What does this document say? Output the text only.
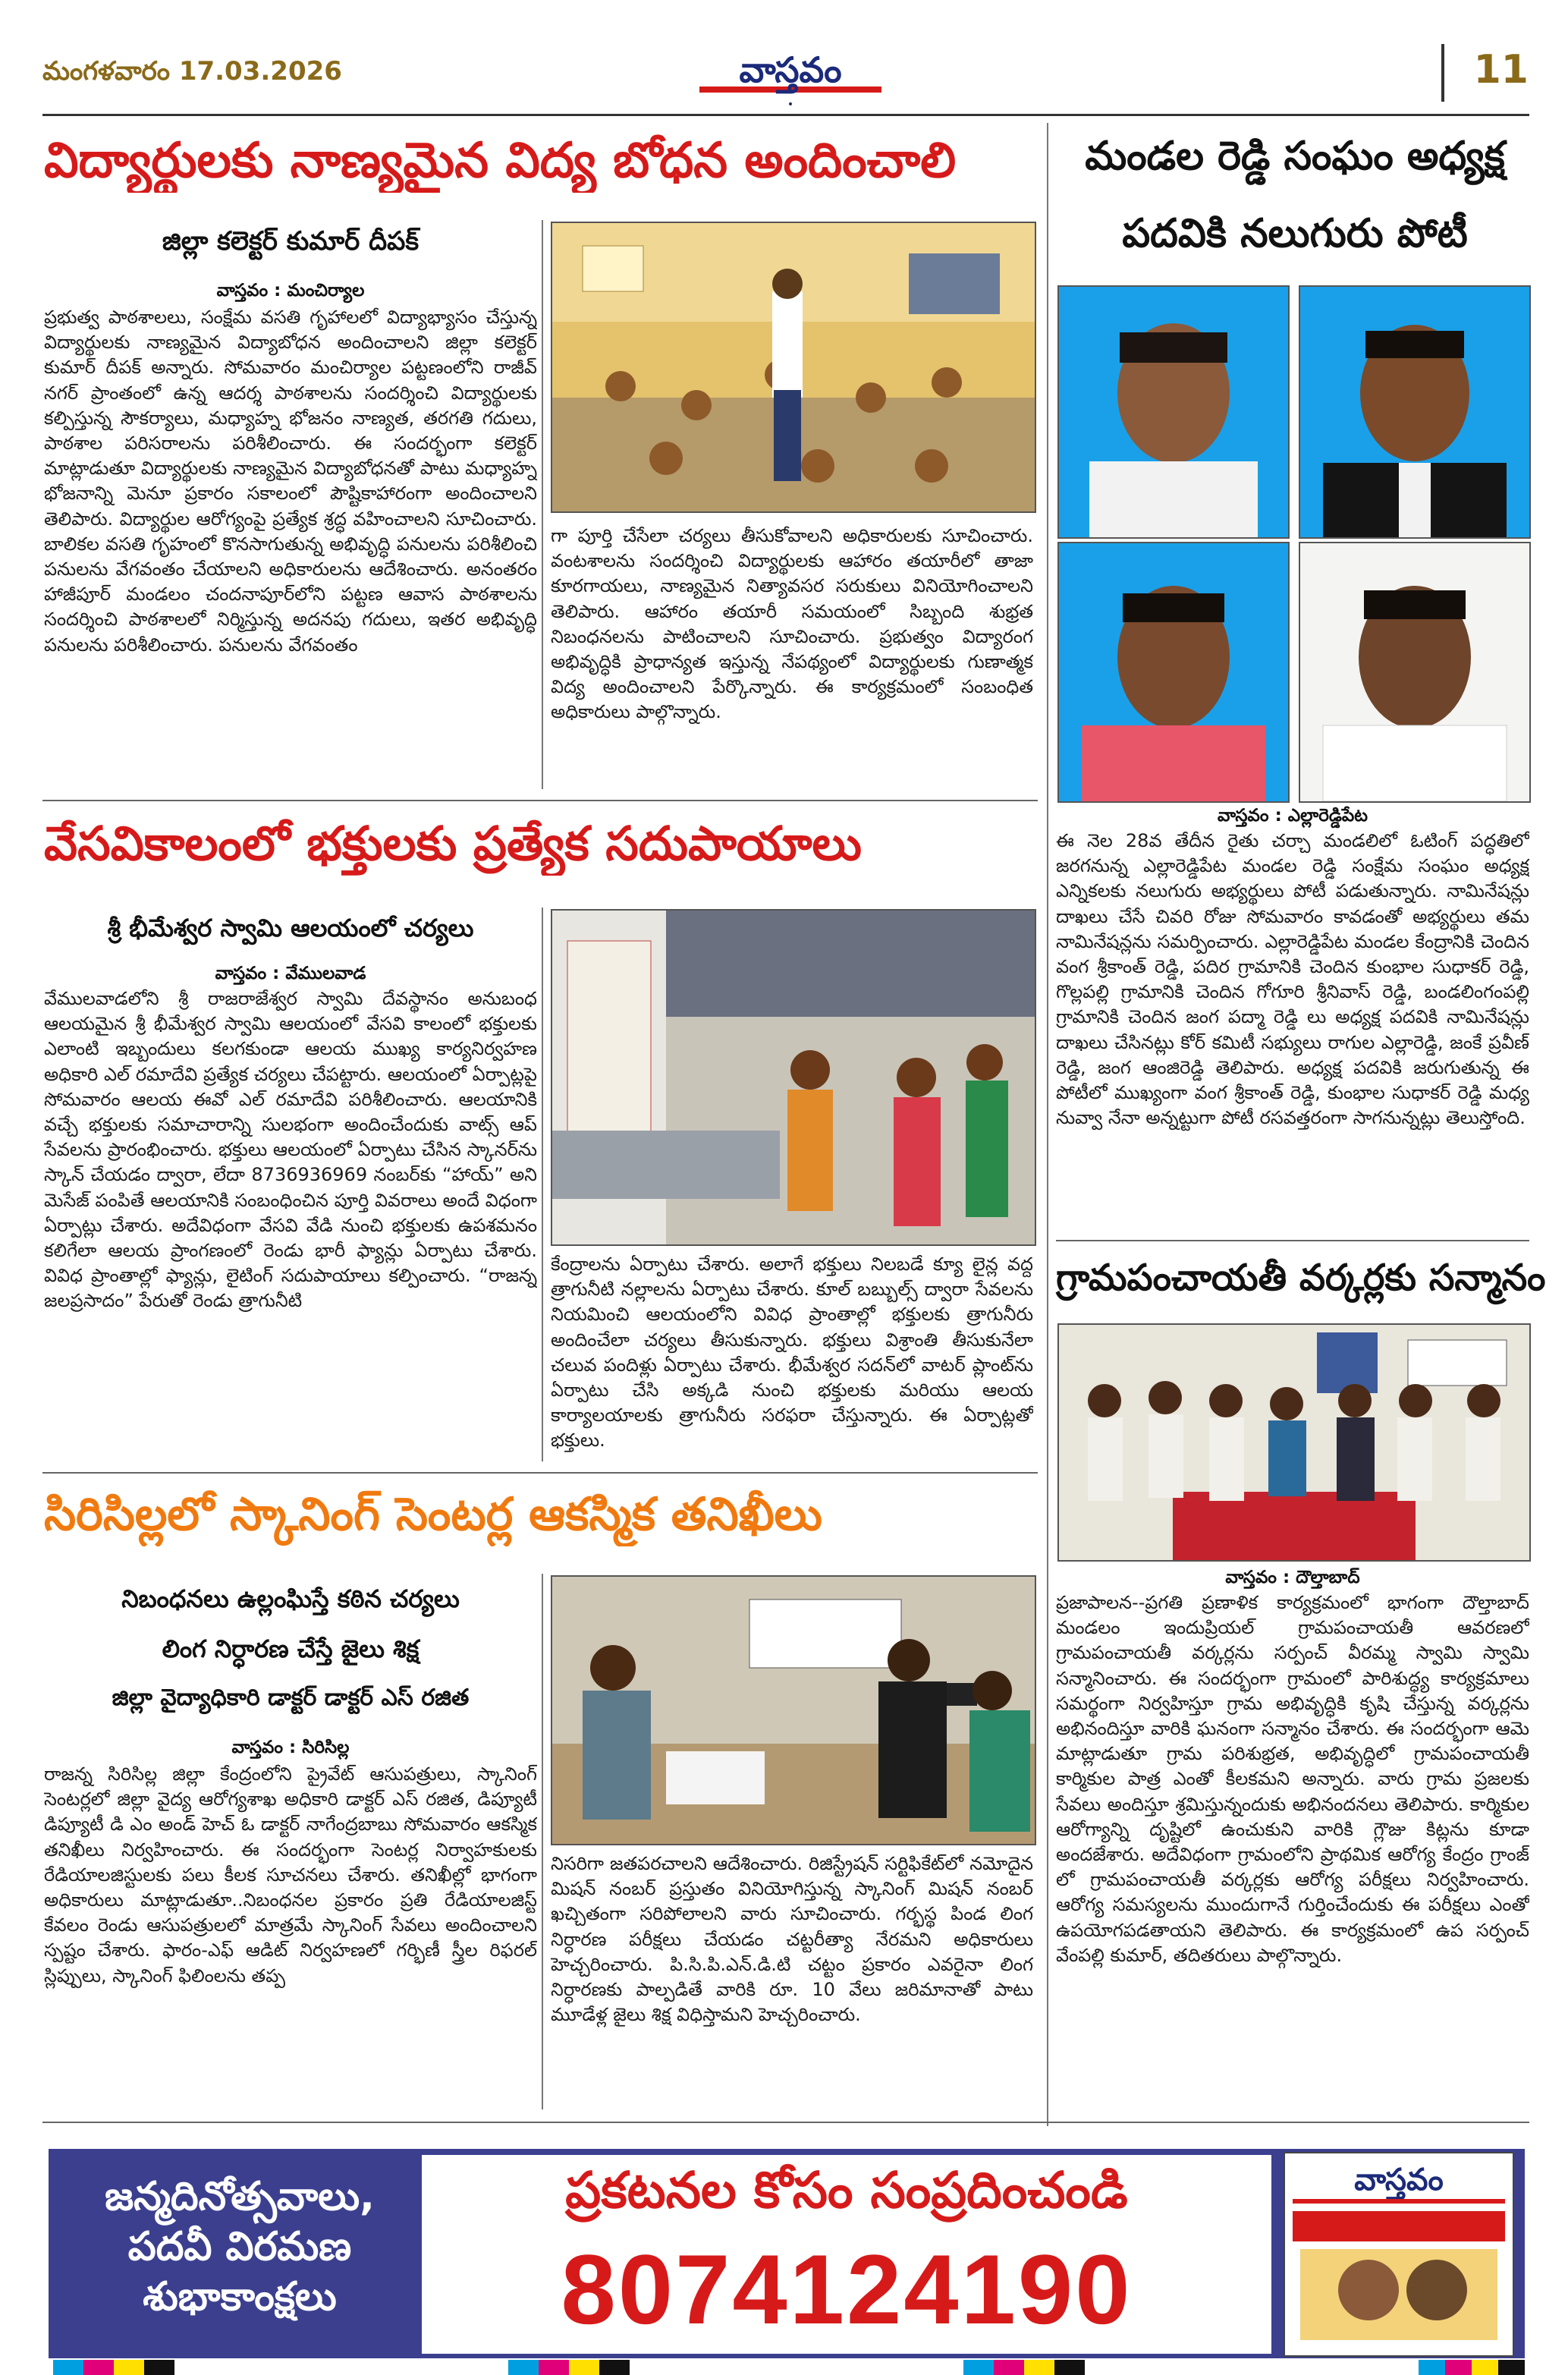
మంగళవారం 17.03.2026	వాస్తవం
•
11
విద్యార్థులకు నాణ్యమైన విద్య బోధన అందించాలి
జిల్లా కలెక్టర్ కుమార్ దీపక్
వాస్తవం : మంచిర్యాల
ప్రభుత్వ పాఠశాలలు, సంక్షేమ వసతి గృహాలలో విద్యాభ్యాసం చేస్తున్న విద్యార్థులకు నాణ్యమైన విద్యాబోధన అందించాలని జిల్లా కలెక్టర్ కుమార్ దీపక్ అన్నారు. సోమవారం మంచిర్యాల పట్టణంలోని రాజీవ్ నగర్ ప్రాంతంలో ఉన్న ఆదర్శ పాఠశాలను సందర్శించి విద్యార్థులకు కల్పిస్తున్న సౌకర్యాలు, మధ్యాహ్న భోజనం నాణ్యత, తరగతి గదులు, పాఠశాల పరిసరాలను పరిశీలించారు. ఈ సందర్భంగా కలెక్టర్ మాట్లాడుతూ విద్యార్థులకు నాణ్యమైన విద్యాబోధనతో పాటు మధ్యాహ్న భోజనాన్ని మెనూ ప్రకారం సకాలంలో పౌష్టికాహారంగా అందించాలని తెలిపారు. విద్యార్థుల ఆరోగ్యంపై ప్రత్యేక శ్రద్ధ వహించాలని సూచించారు. బాలికల వసతి గృహంలో కొనసాగుతున్న అభివృద్ధి పనులను పరిశీలించి పనులను వేగవంతం చేయాలని అధికారులను ఆదేశించారు. అనంతరం హాజీపూర్ మండలం చందనాపూర్‌లోని పట్టణ ఆవాస పాఠశాలను సందర్శించి పాఠశాలలో నిర్మిస్తున్న అదనపు గదులు, ఇతర అభివృద్ధి పనులను పరిశీలించారు. పనులను వేగవంతం
గా పూర్తి చేసేలా చర్యలు తీసుకోవాలని అధికారులకు సూచించారు. వంటశాలను సందర్శించి విద్యార్థులకు ఆహారం తయారీలో తాజా కూరగాయలు, నాణ్యమైన నిత్యావసర సరుకులు వినియోగించాలని తెలిపారు. ఆహారం తయారీ సమయంలో సిబ్బంది శుభ్రత నిబంధనలను పాటించాలని సూచించారు. ప్రభుత్వం విద్యారంగ అభివృద్ధికి ప్రాధాన్యత ఇస్తున్న నేపథ్యంలో విద్యార్థులకు గుణాత్మక విద్య అందించాలని పేర్కొన్నారు. ఈ కార్యక్రమంలో సంబంధిత అధికారులు పాల్గొన్నారు.
వేసవికాలంలో భక్తులకు ప్రత్యేక సదుపాయాలు
శ్రీ భీమేశ్వర స్వామి ఆలయంలో చర్యలు
వాస్తవం : వేములవాడ
వేములవాడలోని శ్రీ రాజరాజేశ్వర స్వామి దేవస్థానం అనుబంధ ఆలయమైన శ్రీ భీమేశ్వర స్వామి ఆలయంలో వేసవి కాలంలో భక్తులకు ఎలాంటి ఇబ్బందులు కలగకుండా ఆలయ ముఖ్య కార్యనిర్వహణ అధికారి ఎల్ రమాదేవి ప్రత్యేక చర్యలు చేపట్టారు. ఆలయంలో ఏర్పాట్లపై సోమవారం ఆలయ ఈవో ఎల్ రమాదేవి పరిశీలించారు. ఆలయానికి వచ్చే భక్తులకు సమాచారాన్ని సులభంగా అందించేందుకు వాట్స్ ఆప్ సేవలను ప్రారంభించారు. భక్తులు ఆలయంలో ఏర్పాటు చేసిన స్కానర్‌ను స్కాన్ చేయడం ద్వారా, లేదా 8736936969 నంబర్‌కు “హాయ్” అని మెసేజ్ పంపితే ఆలయానికి సంబంధించిన పూర్తి వివరాలు అందే విధంగా ఏర్పాట్లు చేశారు. అదేవిధంగా వేసవి వేడి నుంచి భక్తులకు ఉపశమనం కలిగేలా ఆలయ ప్రాంగణంలో రెండు భారీ ఫ్యాన్లు ఏర్పాటు చేశారు. వివిధ ప్రాంతాల్లో ఫ్యాన్లు, లైటింగ్ సదుపాయాలు కల్పించారు. “రాజన్న జలప్రసాదం” పేరుతో రెండు త్రాగునీటి
కేంద్రాలను ఏర్పాటు చేశారు. అలాగే భక్తులు నిలబడే క్యూ లైన్ల వద్ద త్రాగునీటి నల్లాలను ఏర్పాటు చేశారు. కూల్ బబ్బుల్స్ ద్వారా సేవలను నియమించి ఆలయంలోని వివిధ ప్రాంతాల్లో భక్తులకు త్రాగునీరు అందించేలా చర్యలు తీసుకున్నారు. భక్తులు విశ్రాంతి తీసుకునేలా చలువ పందిళ్లు ఏర్పాటు చేశారు. భీమేశ్వర సదన్‌లో వాటర్ ప్లాంట్‌ను ఏర్పాటు చేసి అక్కడి నుంచి భక్తులకు మరియు ఆలయ కార్యాలయాలకు త్రాగునీరు సరఫరా చేస్తున్నారు. ఈ ఏర్పాట్లతో భక్తులు.
సిరిసిల్లలో స్కానింగ్ సెంటర్ల ఆకస్మిక తనిఖీలు
నిబంధనలు ఉల్లంఘిస్తే కఠిన చర్యలు
లింగ నిర్ధారణ చేస్తే జైలు శిక్ష
జిల్లా వైద్యాధికారి డాక్టర్ డాక్టర్ ఎస్ రజిత
వాస్తవం : సిరిసిల్ల
రాజన్న సిరిసిల్ల జిల్లా కేంద్రంలోని ప్రైవేట్ ఆసుపత్రులు, స్కానింగ్ సెంటర్లలో జిల్లా వైద్య ఆరోగ్యశాఖ అధికారి డాక్టర్ ఎస్ రజిత, డిప్యూటీ డిప్యూటీ డి ఎం అండ్ హెచ్ ఓ డాక్టర్ నాగేంద్రబాబు సోమవారం ఆకస్మిక తనిఖీలు నిర్వహించారు. ఈ సందర్భంగా సెంటర్ల నిర్వాహకులకు రేడియాలజిస్టులకు పలు కీలక సూచనలు చేశారు. తనిఖీల్లో భాగంగా అధికారులు మాట్లాడుతూ..నిబంధనల ప్రకారం ప్రతి రేడియాలజిస్ట్ కేవలం రెండు ఆసుపత్రులలో మాత్రమే స్కానింగ్ సేవలు అందించాలని స్పష్టం చేశారు. ఫారం-ఎఫ్ ఆడిట్ నిర్వహణలో గర్భిణీ స్త్రీల రిఫరల్ స్లిప్పులు, స్కానింగ్ ఫిలింలను తప్ప
నిసరిగా జతపరచాలని ఆదేశించారు. రిజిస్ట్రేషన్ సర్టిఫికేట్‌లో నమోదైన మిషన్ నంబర్ ప్రస్తుతం వినియోగిస్తున్న స్కానింగ్ మిషన్ నంబర్ ఖచ్చితంగా సరిపోలాలని వారు సూచించారు. గర్భస్థ పిండ లింగ నిర్ధారణ పరీక్షలు చేయడం చట్టరీత్యా నేరమని అధికారులు హెచ్చరించారు. పి.సి.పి.ఎన్.డి.టి చట్టం ప్రకారం ఎవరైనా లింగ నిర్ధారణకు పాల్పడితే వారికి రూ. 10 వేలు జరిమానాతో పాటు మూడేళ్ల జైలు శిక్ష విధిస్తామని హెచ్చరించారు.
మండల రెడ్డి సంఘం అధ్యక్ష
పదవికి నలుగురు పోటీ
వాస్తవం : ఎల్లారెడ్డిపేట
ఈ నెల 28వ తేదీన రైతు చర్చా మండలిలో ఓటింగ్ పద్ధతిలో జరగనున్న ఎల్లారెడ్డిపేట మండల రెడ్డి సంక్షేమ సంఘం అధ్యక్ష ఎన్నికలకు నలుగురు అభ్యర్థులు పోటీ పడుతున్నారు. నామినేషన్లు దాఖలు చేసే చివరి రోజు సోమవారం కావడంతో అభ్యర్థులు తమ నామినేషన్లను సమర్పించారు. ఎల్లారెడ్డిపేట మండల కేంద్రానికి చెందిన వంగ శ్రీకాంత్ రెడ్డి, పదిర గ్రామానికి చెందిన కుంభాల సుధాకర్ రెడ్డి, గొల్లపల్లి గ్రామానికి చెందిన గోగూరి శ్రీనివాస్ రెడ్డి, బండలింగంపల్లి గ్రామానికి చెందిన జంగ పద్మా రెడ్డి లు అధ్యక్ష పదవికి నామినేషన్లు దాఖలు చేసినట్లు కోర్ కమిటీ సభ్యులు రాగుల ఎల్లారెడ్డి, జంకే ప్రవీణ్ రెడ్డి, జంగ ఆంజిరెడ్డి తెలిపారు. అధ్యక్ష పదవికి జరుగుతున్న ఈ పోటీలో ముఖ్యంగా వంగ శ్రీకాంత్ రెడ్డి, కుంభాల సుధాకర్ రెడ్డి మధ్య నువ్వా నేనా అన్నట్టుగా పోటీ రసవత్తరంగా సాగనున్నట్లు తెలుస్తోంది.
గ్రామపంచాయతీ వర్కర్లకు సన్మానం
వాస్తవం : దౌల్తాబాద్
ప్రజాపాలన--ప్రగతి ప్రణాళిక కార్యక్రమంలో భాగంగా దౌల్తాబాద్ మండలం ఇందుప్రియల్ గ్రామపంచాయతీ ఆవరణలో గ్రామపంచాయతీ వర్కర్లను సర్పంచ్ వీరమ్మ స్వామి స్వామి సన్మానించారు. ఈ సందర్భంగా గ్రామంలో పారిశుద్ధ్య కార్యక్రమాలు సమర్థంగా నిర్వహిస్తూ గ్రామ అభివృద్ధికి కృషి చేస్తున్న వర్కర్లను అభినందిస్తూ వారికి ఘనంగా సన్మానం చేశారు. ఈ సందర్భంగా ఆమె మాట్లాడుతూ గ్రామ పరిశుభ్రత, అభివృద్ధిలో గ్రామపంచాయతీ కార్మికుల పాత్ర ఎంతో కీలకమని అన్నారు. వారు గ్రామ ప్రజలకు సేవలు అందిస్తూ శ్రమిస్తున్నందుకు అభినందనలు తెలిపారు. కార్మికుల ఆరోగ్యాన్ని దృష్టిలో ఉంచుకుని వారికి గ్లౌజు కిట్లను కూడా అందజేశారు. అదేవిధంగా గ్రామంలోని ప్రాథమిక ఆరోగ్య కేంద్రం గ్రాంజ్ లో గ్రామపంచాయతీ వర్కర్లకు ఆరోగ్య పరీక్షలు నిర్వహించారు. ఆరోగ్య సమస్యలను ముందుగానే గుర్తించేందుకు ఈ పరీక్షలు ఎంతో ఉపయోగపడతాయని తెలిపారు. ఈ కార్యక్రమంలో ఉప సర్పంచ్ వేంపల్లి కుమార్, తదితరులు పాల్గొన్నారు.
జన్మదినోత్సవాలు,
పదవీ విరమణ
శుభాకాంక్షలు
ప్రకటనల కోసం సంప్రదించండి
8074124190
వాస్తవం
